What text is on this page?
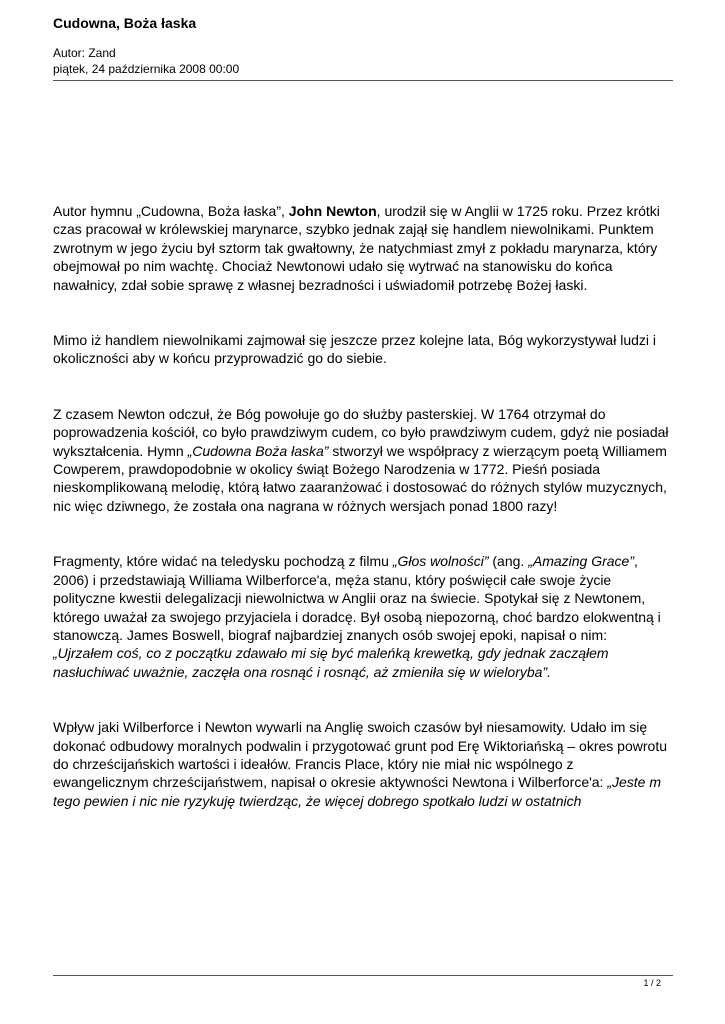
Cudowna, Boża łaska
Autor: Zand
piątek, 24 października 2008 00:00

Autor hymnu „Cudowna, Boża łaska”, John Newton, urodził się w Anglii w 1725 roku. Przez krótki czas pracował w królewskiej marynarce, szybko jednak zajął się handlem niewolnikami. Punktem zwrotnym w jego życiu był sztorm tak gwałtowny, że natychmiast zmył z pokładu marynarza, który obejmował po nim wachtę. Chociaż Newtonowi udało się wytrwać na stanowisku do końca nawałnicy, zdał sobie sprawę z własnej bezradności i uświadomił potrzebę Bożej łaski.

Mimo iż handlem niewolnikami zajmował się jeszcze przez kolejne lata, Bóg wykorzystywał ludzi i okoliczności aby w końcu przyprowadzić go do siebie.

Z czasem Newton odczuł, że Bóg powołuje go do służby pasterskiej. W 1764 otrzymał do poprowadzenia kościół, co było prawdziwym cudem, co było prawdziwym cudem, gdyż nie posiadał wykształcenia. Hymn „Cudowna Boża łaska” stworzył we współpracy z wierzącym poetą Williamem Cowperem, prawdopodobnie w okolicy świąt Bożego Narodzenia w 1772. Pieśń posiada nieskomplikowaną melodię, którą łatwo zaaranżować i dostosować do różnych stylów muzycznych, nic więc dziwnego, że została ona nagrana w różnych wersjach ponad 1800 razy!

Fragmenty, które widać na teledysku pochodzą z filmu „Głos wolności” (ang. „Amazing Grace”, 2006) i przedstawiają Williama Wilberforce'a, męża stanu, który poświęcił całe swoje życie polityczne kwestii delegalizacji niewolnictwa w Anglii oraz na świecie. Spotykał się z Newtonem, którego uważał za swojego przyjaciela i doradcę. Był osobą niepozorną, choć bardzo elokwentną i stanowczą. James Boswell, biograf najbardziej znanych osób swojej epoki, napisał o nim:
„Ujrzałem coś, co z początku zdawało mi się być maleńką krewetką, gdy jednak zacząłem nasłuchiwać uważnie, zaczęła ona rosnąć i rosnąć, aż zmieniła się w wieloryba”.

Wpływ jaki Wilberforce i Newton wywarli na Anglię swoich czasów był niesamowity. Udało im się dokonać odbudowy moralnych podwalin i przygotować grunt pod Erę Wiktoriańską – okres powrotu do chrześcijańskich wartości i ideałów. Francis Place, który nie miał nic wspólnego z ewangelicznym chrześcijaństwem, napisał o okresie aktywności Newtona i Wilberforce'a: „Jeste m tego pewien i nic nie ryzykuję twierdząc, że więcej dobrego spotkało ludzi w ostatnich

1 / 2
